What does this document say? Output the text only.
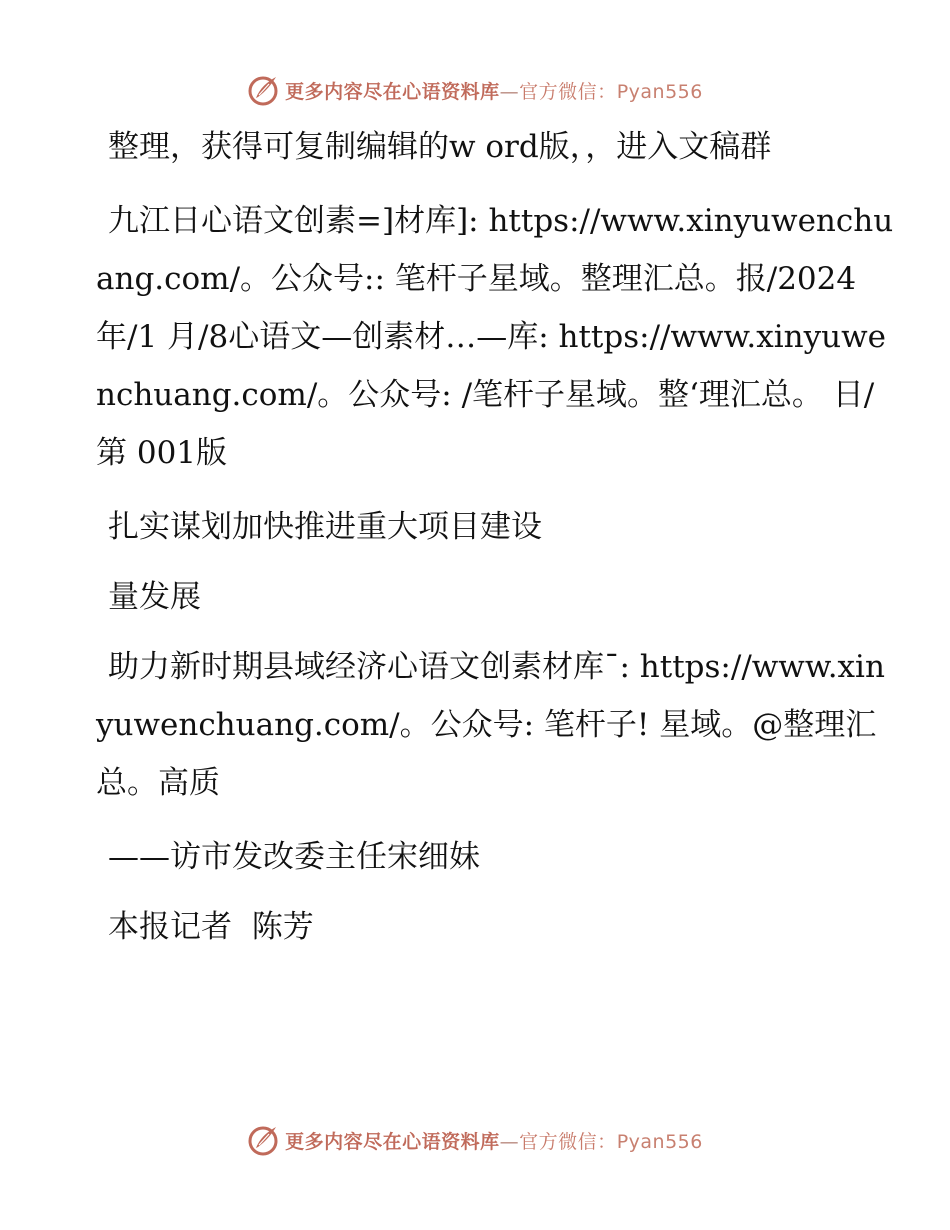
更多内容尽在心语资料库—官方微信：Pyan556

整理，获得可复制编辑的w ord版，，进入文稿群

九江日心语文创素=]材库]: https://www.xinyuwenchuang.com/。公众号:: 笔杆子星域。整理汇总。报/2024 年/1 月/8心语文—创素材…—库: https://www.xinyuwenchuang.com/。公众号: /笔杆子星域。整‘理汇总。 日/第 001版

扎实谋划加快推进重大项目建设

量发展

助力新时期县域经济心语文创素材库¯: https://www.xinyuwenchuang.com/。公众号: 笔杆子! 星域。@整理汇总。高质

——访市发改委主任宋细妹

本报记者  陈芳

更多内容尽在心语资料库—官方微信：Pyan556
